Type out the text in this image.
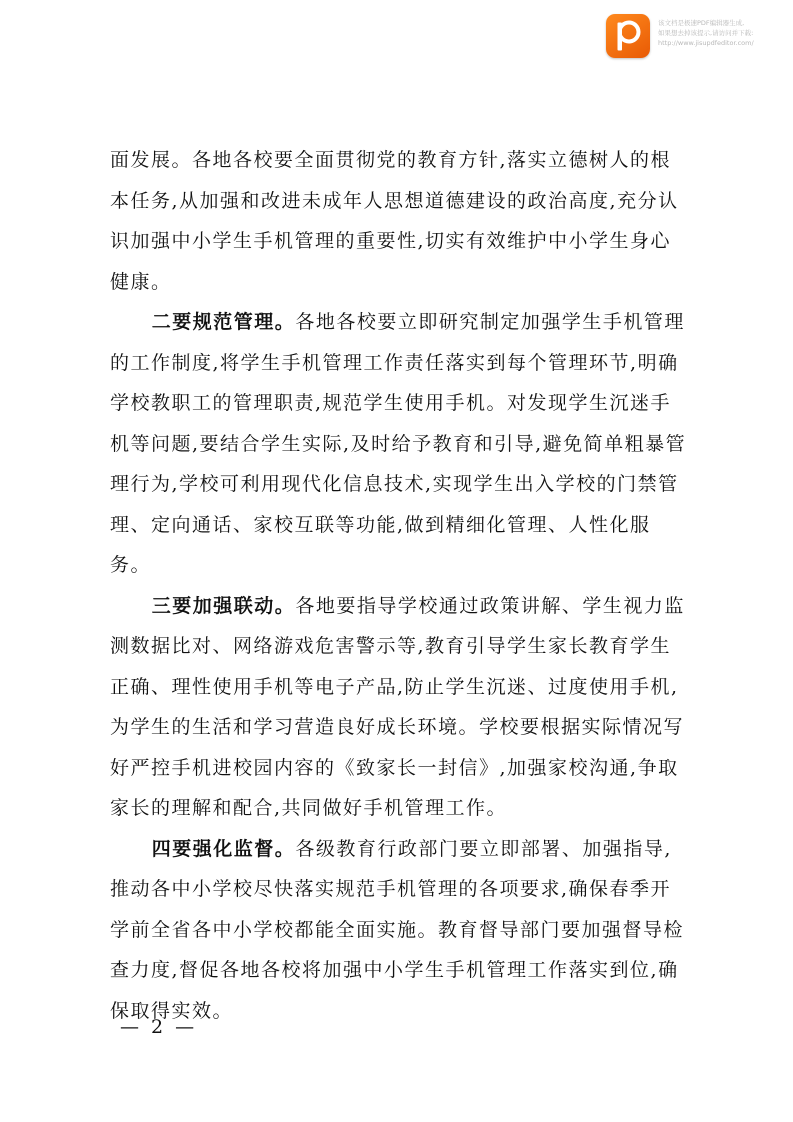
该文档是极速PDF编辑器生成,
如果想去掉该提示,请访问并下载:
http://www.jisupdfeditor.com/

面发展。各地各校要全面贯彻党的教育方针,落实立德树人的根本任务,从加强和改进未成年人思想道德建设的政治高度,充分认识加强中小学生手机管理的重要性,切实有效维护中小学生身心健康。

二要规范管理。各地各校要立即研究制定加强学生手机管理的工作制度,将学生手机管理工作责任落实到每个管理环节,明确学校教职工的管理职责,规范学生使用手机。对发现学生沉迷手机等问题,要结合学生实际,及时给予教育和引导,避免简单粗暴管理行为,学校可利用现代化信息技术,实现学生出入学校的门禁管理、定向通话、家校互联等功能,做到精细化管理、人性化服务。

三要加强联动。各地要指导学校通过政策讲解、学生视力监测数据比对、网络游戏危害警示等,教育引导学生家长教育学生正确、理性使用手机等电子产品,防止学生沉迷、过度使用手机,为学生的生活和学习营造良好成长环境。学校要根据实际情况写好严控手机进校园内容的《致家长一封信》,加强家校沟通,争取家长的理解和配合,共同做好手机管理工作。

四要强化监督。各级教育行政部门要立即部署、加强指导,推动各中小学校尽快落实规范手机管理的各项要求,确保春季开学前全省各中小学校都能全面实施。教育督导部门要加强督导检查力度,督促各地各校将加强中小学生手机管理工作落实到位,确保取得实效。

— 2 —
